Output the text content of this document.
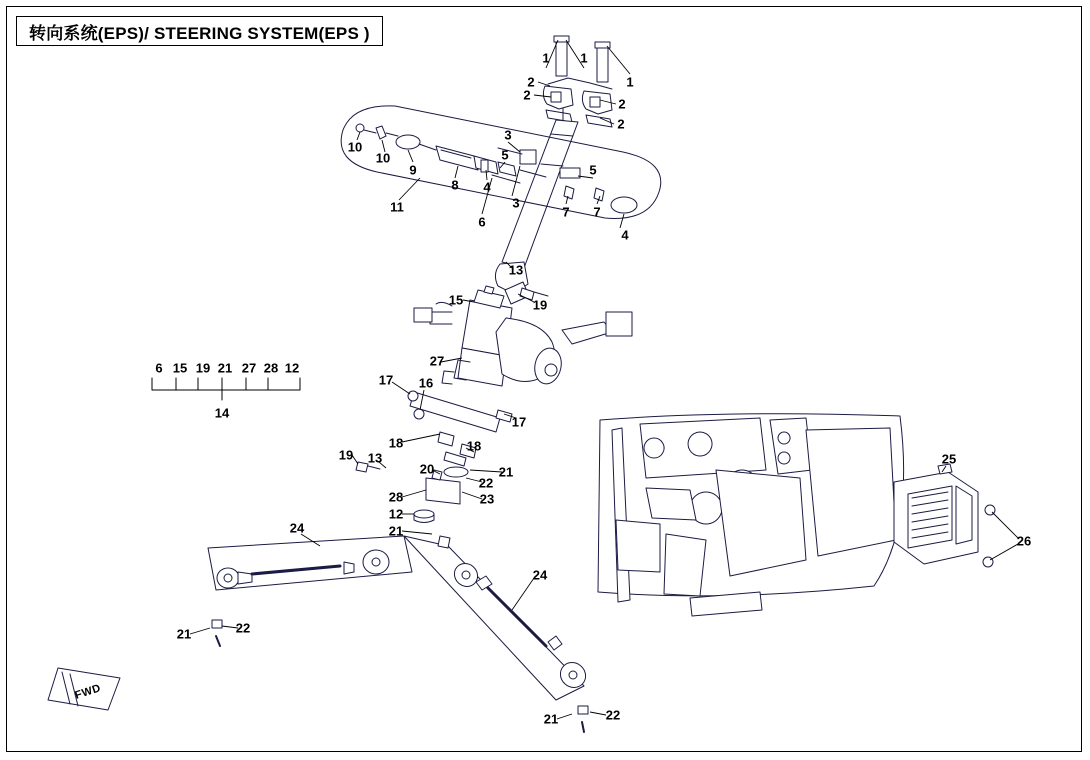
转向系统(EPS)/ STEERING SYSTEM(EPS )
1 1
1
2
2
2
2
3
3
4
4
5
5
6
7 7
8
9
10
10
11
13
19
15
27
17 16
17
18	18
19 13
20	21
22
23
28
12
21
24
24
21	22
21	22
25
26
6 15 19 21 27 28 12
14
FWD
